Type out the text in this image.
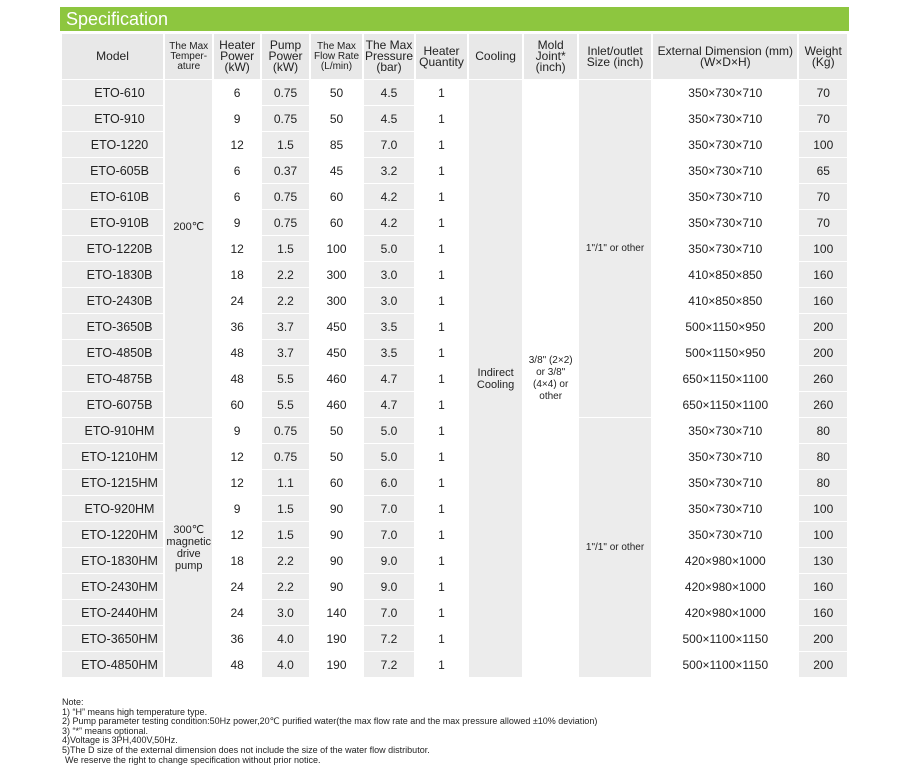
Specification
Model	The Max Temper-ature	Heater Power (kW)	Pump Power (kW)	The Max Flow Rate (L/min)	The Max Pressure (bar)	Heater Quantity	Cooling	Mold Joint* (inch)	Inlet/outlet Size (inch)	External Dimension (mm) (W×D×H)	Weight (Kg)
ETO-610	200℃	6	0.75	50	4.5	1	Indirect Cooling	3/8" (2×2) or 3/8" (4×4) or other	1"/1" or other	350×730×710	70
ETO-910		9	0.75	50	4.5	1				350×730×710	70
ETO-1220		12	1.5	85	7.0	1				350×730×710	100
ETO-605B		6	0.37	45	3.2	1				350×730×710	65
ETO-610B		6	0.75	60	4.2	1				350×730×710	70
ETO-910B		9	0.75	60	4.2	1				350×730×710	70
ETO-1220B		12	1.5	100	5.0	1				350×730×710	100
ETO-1830B		18	2.2	300	3.0	1				410×850×850	160
ETO-2430B		24	2.2	300	3.0	1				410×850×850	160
ETO-3650B		36	3.7	450	3.5	1				500×1150×950	200
ETO-4850B		48	3.7	450	3.5	1				500×1150×950	200
ETO-4875B		48	5.5	460	4.7	1				650×1150×1100	260
ETO-6075B		60	5.5	460	4.7	1				650×1150×1100	260
ETO-910HM	300℃ magnetic drive pump	9	0.75	50	5.0	1			1"/1" or other	350×730×710	80
ETO-1210HM		12	0.75	50	5.0	1				350×730×710	80
ETO-1215HM		12	1.1	60	6.0	1				350×730×710	80
ETO-920HM		9	1.5	90	7.0	1				350×730×710	100
ETO-1220HM		12	1.5	90	7.0	1				350×730×710	100
ETO-1830HM		18	2.2	90	9.0	1				420×980×1000	130
ETO-2430HM		24	2.2	90	9.0	1				420×980×1000	160
ETO-2440HM		24	3.0	140	7.0	1				420×980×1000	160
ETO-3650HM		36	4.0	190	7.2	1				500×1100×1150	200
ETO-4850HM		48	4.0	190	7.2	1				500×1100×1150	200
Note:
1) “H” means high temperature type.
2) Pump parameter testing condition:50Hz power,20℃ purified water(the max flow rate and the max pressure allowed ±10% deviation)
3) “*” means optional.
4)Voltage is 3PH,400V,50Hz.
5)The D size of the external dimension does not include the size of the water flow distributor.
We reserve the right to change specification without prior notice.
